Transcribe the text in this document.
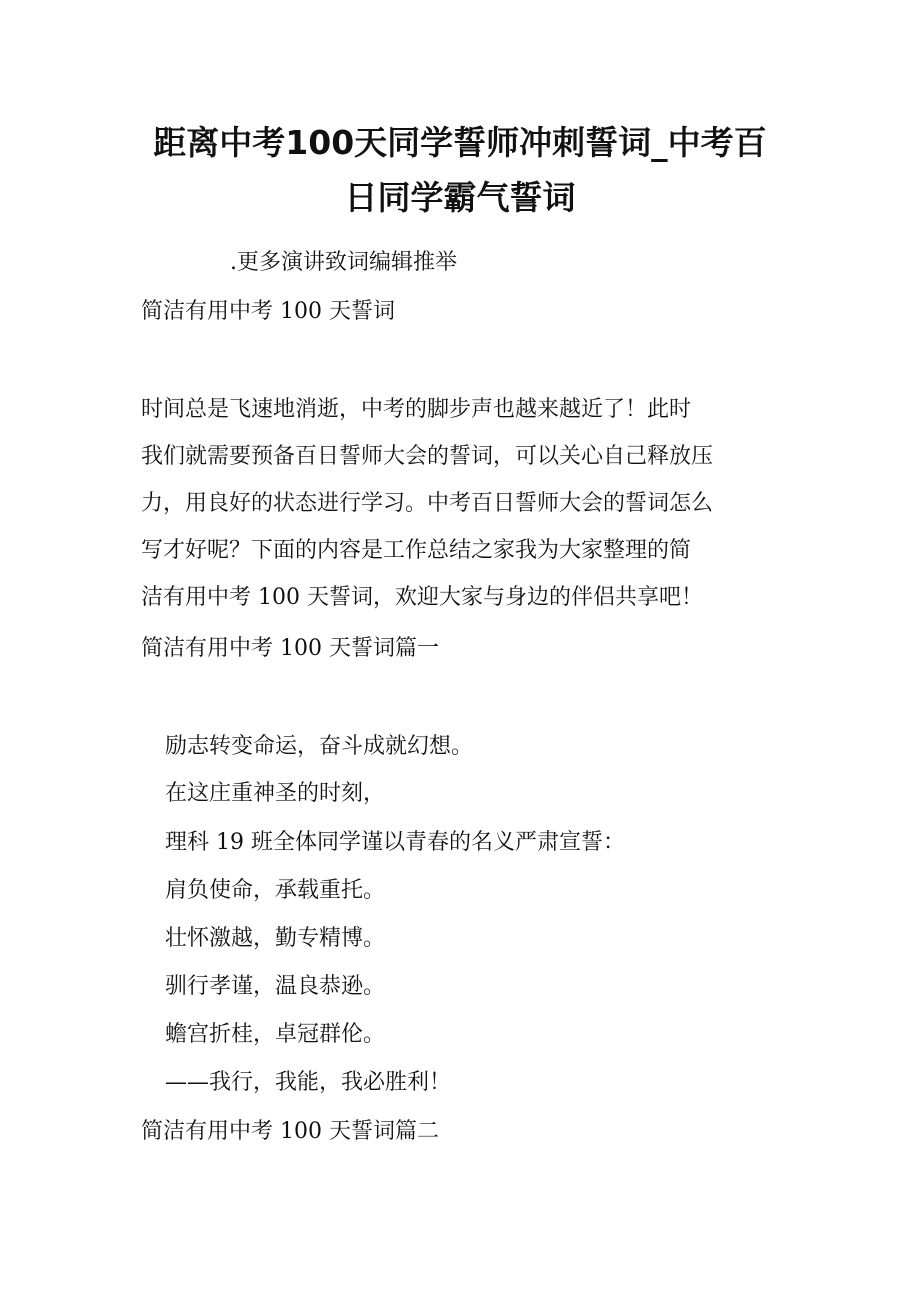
距离中考100天同学誓师冲刺誓词_中考百
日同学霸气誓词

.更多演讲致词编辑推举

简洁有用中考 100 天誓词

时间总是飞速地消逝，中考的脚步声也越来越近了！此时
我们就需要预备百日誓师大会的誓词，可以关心自己释放压
力，用良好的状态进行学习。中考百日誓师大会的誓词怎么
写才好呢？下面的内容是工作总结之家我为大家整理的简
洁有用中考 100 天誓词，欢迎大家与身边的伴侣共享吧！

简洁有用中考 100 天誓词篇一

励志转变命运，奋斗成就幻想。

在这庄重神圣的时刻，

理科 19 班全体同学谨以青春的名义严肃宣誓：

肩负使命，承载重托。

壮怀激越，勤专精博。

驯行孝谨，温良恭逊。

蟾宫折桂，卓冠群伦。

——我行，我能，我必胜利！

简洁有用中考 100 天誓词篇二
